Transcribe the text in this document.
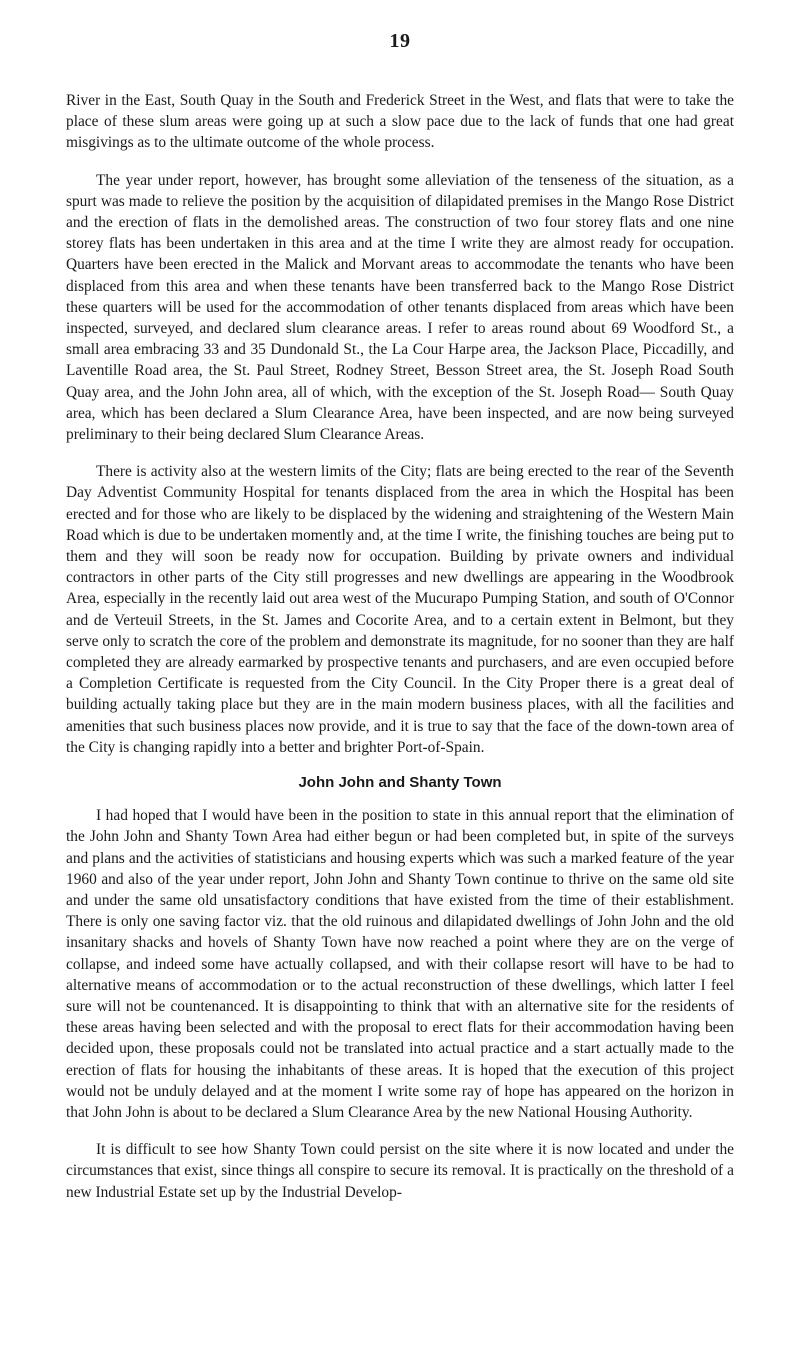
19

River in the East, South Quay in the South and Frederick Street in the West, and flats that were to take the place of these slum areas were going up at such a slow pace due to the lack of funds that one had great misgivings as to the ultimate outcome of the whole process.

The year under report, however, has brought some alleviation of the tenseness of the situation, as a spurt was made to relieve the position by the acquisition of dilapidated premises in the Mango Rose District and the erection of flats in the demolished areas. The construction of two four storey flats and one nine storey flats has been undertaken in this area and at the time I write they are almost ready for occupation. Quarters have been erected in the Malick and Morvant areas to accommodate the tenants who have been displaced from this area and when these tenants have been transferred back to the Mango Rose District these quarters will be used for the accommodation of other tenants displaced from areas which have been inspected, surveyed, and declared slum clearance areas. I refer to areas round about 69 Woodford St., a small area embracing 33 and 35 Dundonald St., the La Cour Harpe area, the Jackson Place, Piccadilly, and Laventille Road area, the St. Paul Street, Rodney Street, Besson Street area, the St. Joseph Road South Quay area, and the John John area, all of which, with the exception of the St. Joseph Road— South Quay area, which has been declared a Slum Clearance Area, have been inspected, and are now being surveyed preliminary to their being declared Slum Clearance Areas.

There is activity also at the western limits of the City; flats are being erected to the rear of the Seventh Day Adventist Community Hospital for tenants displaced from the area in which the Hospital has been erected and for those who are likely to be displaced by the widening and straightening of the Western Main Road which is due to be undertaken momently and, at the time I write, the finishing touches are being put to them and they will soon be ready now for occupation. Building by private owners and individual contractors in other parts of the City still progresses and new dwellings are appearing in the Woodbrook Area, especially in the recently laid out area west of the Mucurapo Pumping Station, and south of O'Connor and de Verteuil Streets, in the St. James and Cocorite Area, and to a certain extent in Belmont, but they serve only to scratch the core of the problem and demonstrate its magnitude, for no sooner than they are half completed they are already earmarked by prospective tenants and purchasers, and are even occupied before a Completion Certificate is requested from the City Council. In the City Proper there is a great deal of building actually taking place but they are in the main modern business places, with all the facilities and amenities that such business places now provide, and it is true to say that the face of the down-town area of the City is changing rapidly into a better and brighter Port-of-Spain.

John John and Shanty Town

I had hoped that I would have been in the position to state in this annual report that the elimination of the John John and Shanty Town Area had either begun or had been completed but, in spite of the surveys and plans and the activities of statisticians and housing experts which was such a marked feature of the year 1960 and also of the year under report, John John and Shanty Town continue to thrive on the same old site and under the same old unsatisfactory conditions that have existed from the time of their establishment. There is only one saving factor viz. that the old ruinous and dilapidated dwellings of John John and the old insanitary shacks and hovels of Shanty Town have now reached a point where they are on the verge of collapse, and indeed some have actually collapsed, and with their collapse resort will have to be had to alternative means of accommodation or to the actual reconstruction of these dwellings, which latter I feel sure will not be countenanced. It is disappointing to think that with an alternative site for the residents of these areas having been selected and with the proposal to erect flats for their accommodation having been decided upon, these proposals could not be translated into actual practice and a start actually made to the erection of flats for housing the inhabitants of these areas. It is hoped that the execution of this project would not be unduly delayed and at the moment I write some ray of hope has appeared on the horizon in that John John is about to be declared a Slum Clearance Area by the new National Housing Authority.

It is difficult to see how Shanty Town could persist on the site where it is now located and under the circumstances that exist, since things all conspire to secure its removal. It is practically on the threshold of a new Industrial Estate set up by the Industrial Develop-
